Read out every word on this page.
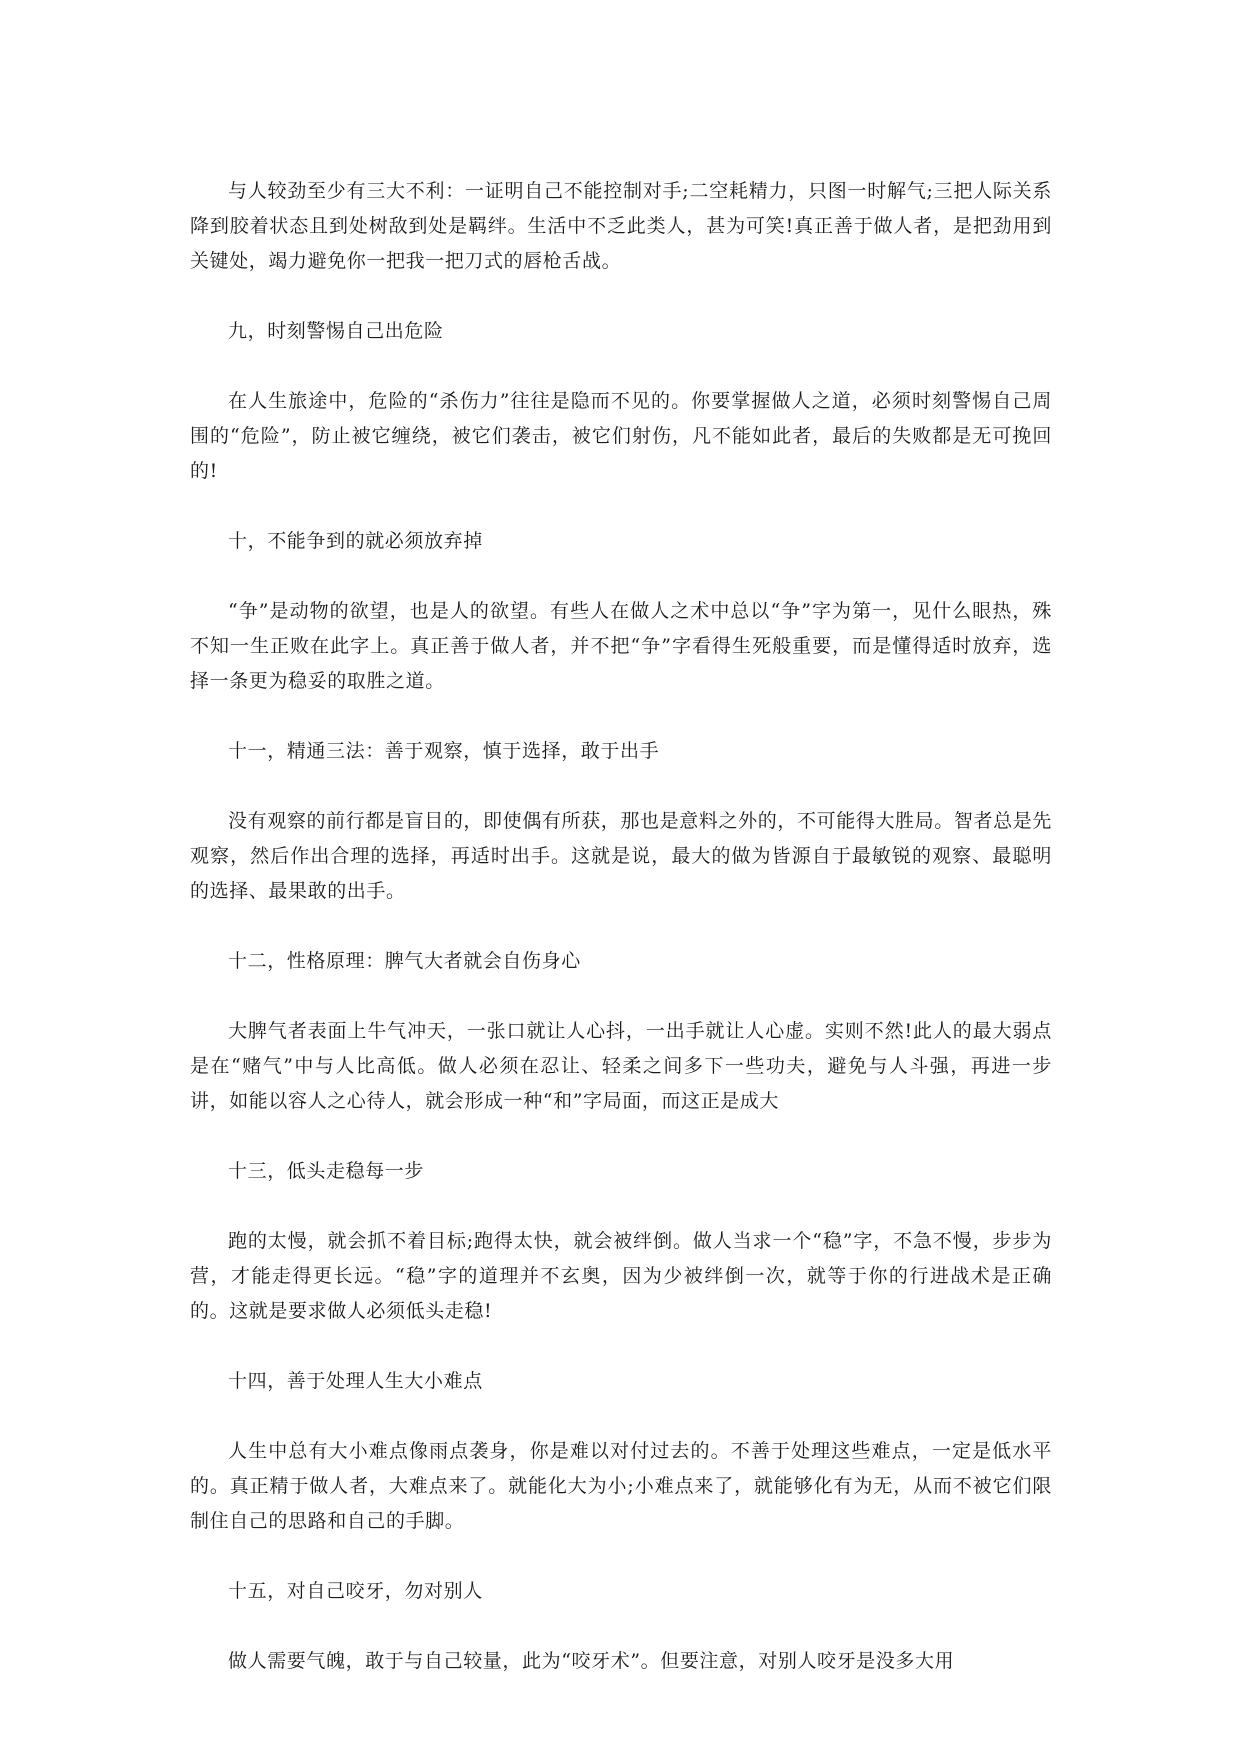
与人较劲至少有三大不利：一证明自己不能控制对手;二空耗精力，只图一时解气;三把人际关系降到胶着状态且到处树敌到处是羁绊。生活中不乏此类人，甚为可笑!真正善于做人者，是把劲用到关键处，竭力避免你一把我一把刀式的唇枪舌战。

九，时刻警惕自己出危险

在人生旅途中，危险的“杀伤力”往往是隐而不见的。你要掌握做人之道，必须时刻警惕自己周围的“危险”，防止被它缠绕，被它们袭击，被它们射伤，凡不能如此者，最后的失败都是无可挽回的!

十，不能争到的就必须放弃掉

“争”是动物的欲望，也是人的欲望。有些人在做人之术中总以“争”字为第一，见什么眼热，殊不知一生正败在此字上。真正善于做人者，并不把“争”字看得生死般重要，而是懂得适时放弃，选择一条更为稳妥的取胜之道。

十一，精通三法：善于观察，慎于选择，敢于出手

没有观察的前行都是盲目的，即使偶有所获，那也是意料之外的，不可能得大胜局。智者总是先观察，然后作出合理的选择，再适时出手。这就是说，最大的做为皆源自于最敏锐的观察、最聪明的选择、最果敢的出手。

十二，性格原理：脾气大者就会自伤身心

大脾气者表面上牛气冲天，一张口就让人心抖，一出手就让人心虚。实则不然!此人的最大弱点是在“赌气”中与人比高低。做人必须在忍让、轻柔之间多下一些功夫，避免与人斗强，再进一步讲，如能以容人之心待人，就会形成一种“和”字局面，而这正是成大

十三，低头走稳每一步

跑的太慢，就会抓不着目标;跑得太快，就会被绊倒。做人当求一个“稳”字，不急不慢，步步为营，才能走得更长远。“稳”字的道理并不玄奥，因为少被绊倒一次，就等于你的行进战术是正确的。这就是要求做人必须低头走稳!

十四，善于处理人生大小难点

人生中总有大小难点像雨点袭身，你是难以对付过去的。不善于处理这些难点，一定是低水平的。真正精于做人者，大难点来了。就能化大为小;小难点来了，就能够化有为无，从而不被它们限制住自己的思路和自己的手脚。

十五，对自己咬牙，勿对别人

做人需要气魄，敢于与自己较量，此为“咬牙术”。但要注意，对别人咬牙是没多大用
